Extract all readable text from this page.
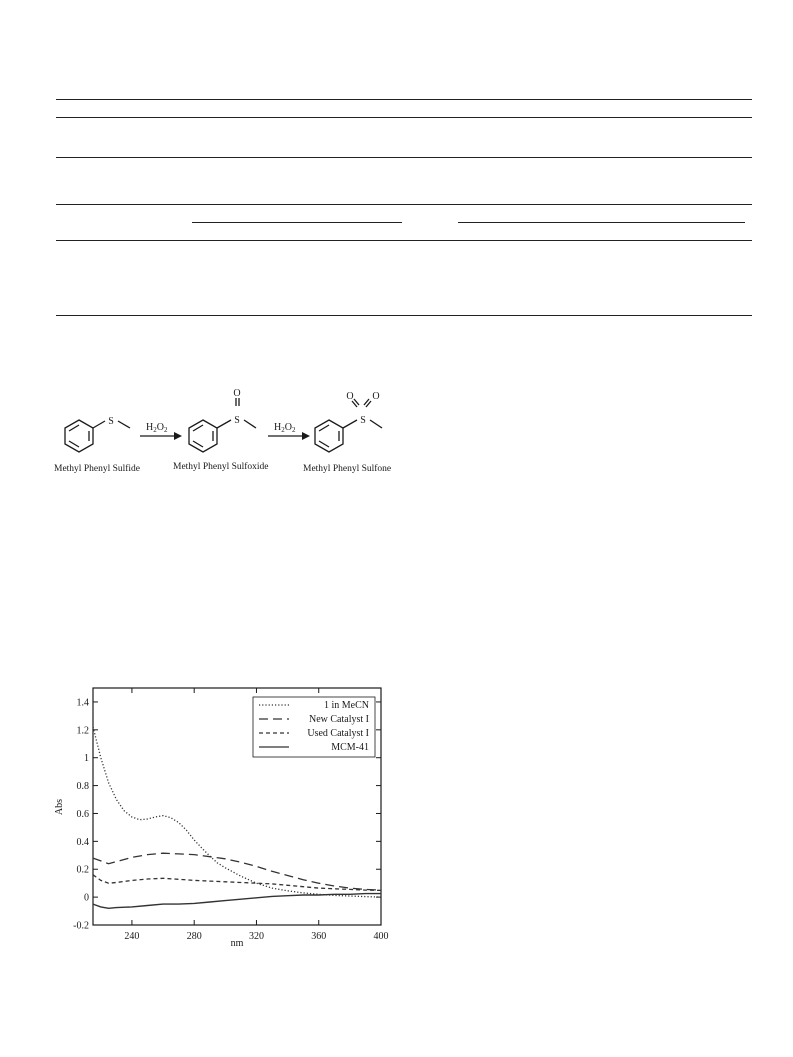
S	S
O
S
O O
$H_2O_2$	$H_2O_2$
Methyl Phenyl Sulfide	Methyl Phenyl Sulfoxide	Methyl Phenyl Sulfone
240	280	320	360	400
-0.2
0
0.2
0.4
0.6
0.8
1
1.2
1.4
nm
Abs
1 in MeCN
New Catalyst I
Used Catalyst I
MCM-41
